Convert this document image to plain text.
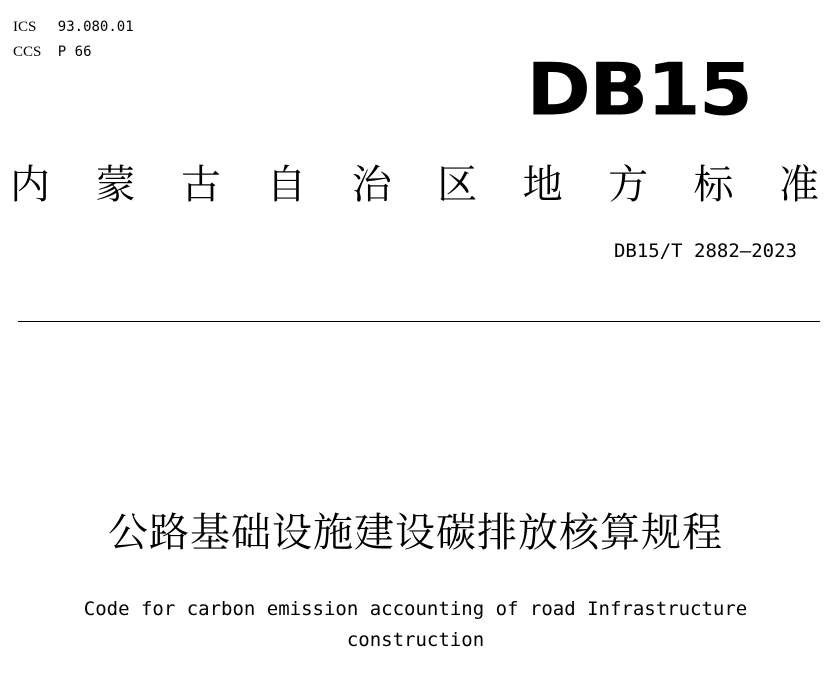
ICS 93.080.01
CCS P 66	DB15
内 蒙 古 自 治 区 地 方 标 准
DB15/T 2882—2023
公路基础设施建设碳排放核算规程
Code for carbon emission accounting of road Infrastructure
construction
